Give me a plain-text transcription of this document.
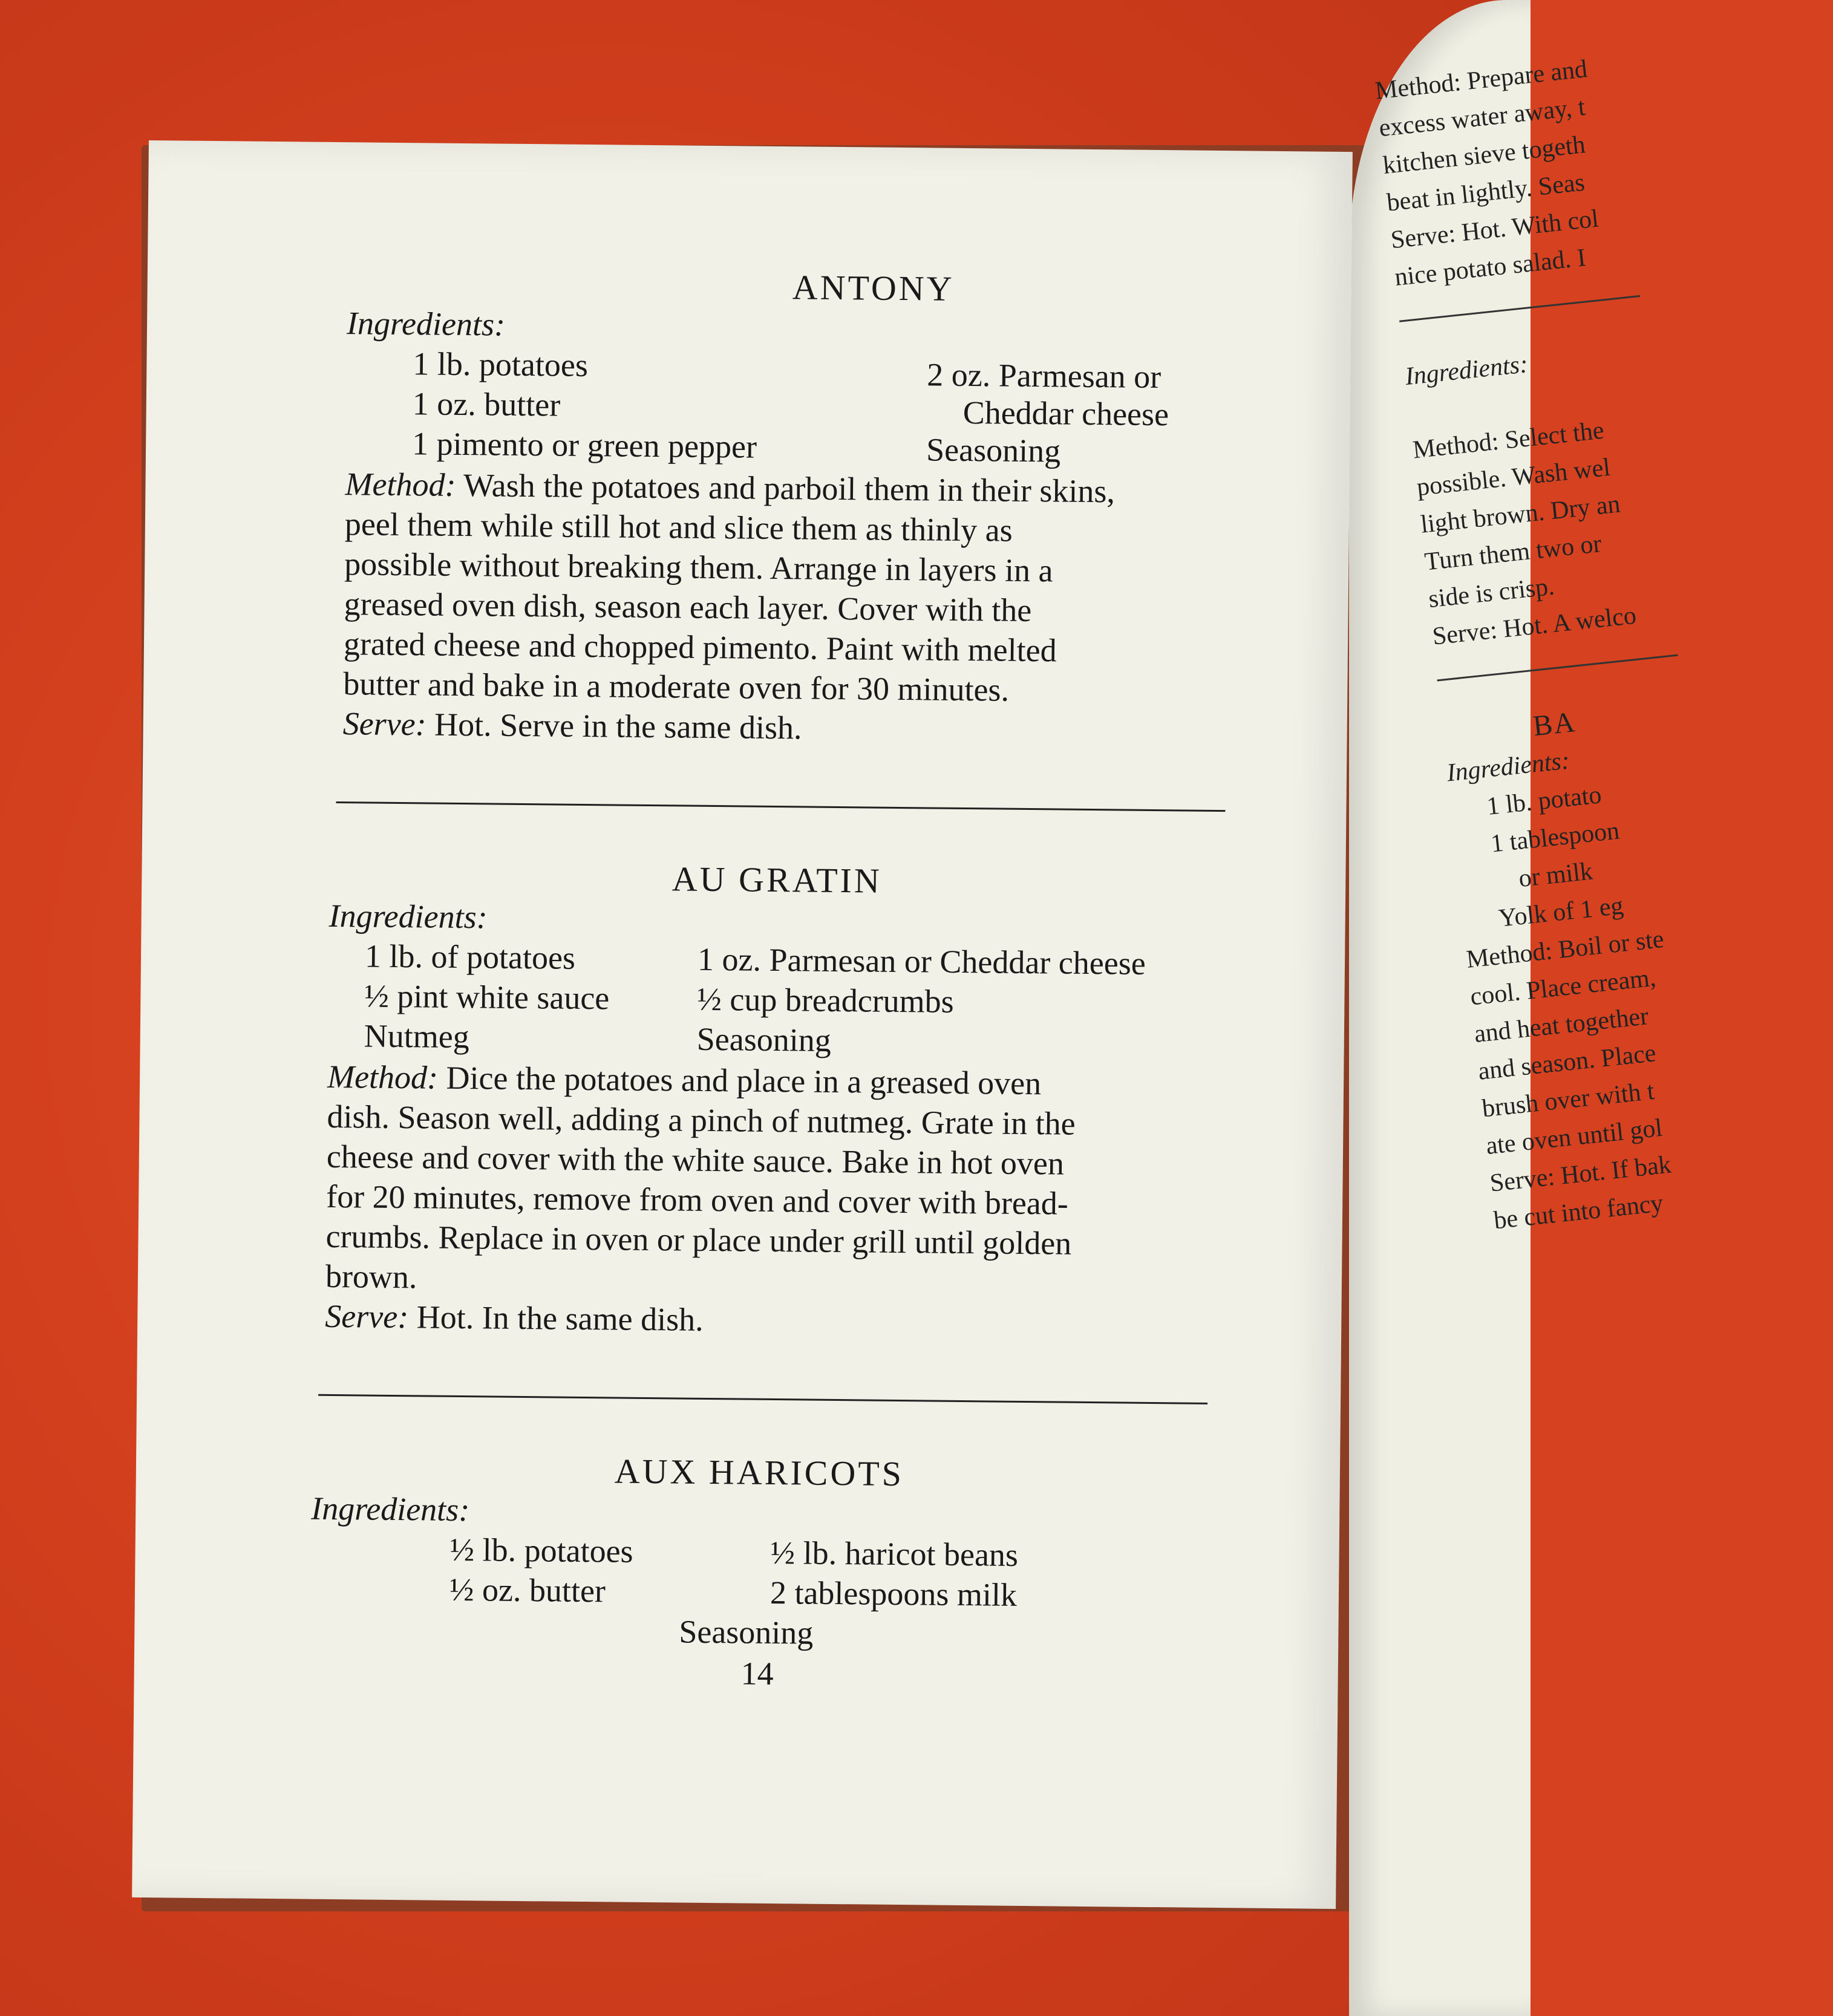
Method: Prepare and
excess water away, t
kitchen sieve togeth
beat in lightly. Seas
Serve: Hot. With col
nice potato salad. I
Ingredients:
Method: Select the
possible. Wash wel
light brown. Dry an
Turn them two or
side is crisp.
Serve: Hot. A welco
BA
Ingredients:
1 lb. potato
1 tablespoon
or milk
Yolk of 1 eg
Method: Boil or ste
cool. Place cream,
and heat together
and season. Place
brush over with t
ate oven until gol
Serve: Hot. If bak
be cut into fancy
ANTONY
Ingredients:
1 lb. potatoes
1 oz. butter
1 pimento or green pepper
2 oz. Parmesan or
Cheddar cheese
Seasoning
Method: Wash the potatoes and parboil them in their skins,
peel them while still hot and slice them as thinly as
possible without breaking them. Arrange in layers in a
greased oven dish, season each layer. Cover with the
grated cheese and chopped pimento. Paint with melted
butter and bake in a moderate oven for 30 minutes.
Serve: Hot. Serve in the same dish.
AU GRATIN
Ingredients:
1 lb. of potatoes
½ pint white sauce
Nutmeg
1 oz. Parmesan or Cheddar cheese
½ cup breadcrumbs
Seasoning
Method: Dice the potatoes and place in a greased oven
dish. Season well, adding a pinch of nutmeg. Grate in the
cheese and cover with the white sauce. Bake in hot oven
for 20 minutes, remove from oven and cover with bread-
crumbs. Replace in oven or place under grill until golden
brown.
Serve: Hot. In the same dish.
AUX HARICOTS
Ingredients:
½ lb. potatoes
½ oz. butter
½ lb. haricot beans
2 tablespoons milk
Seasoning
14
